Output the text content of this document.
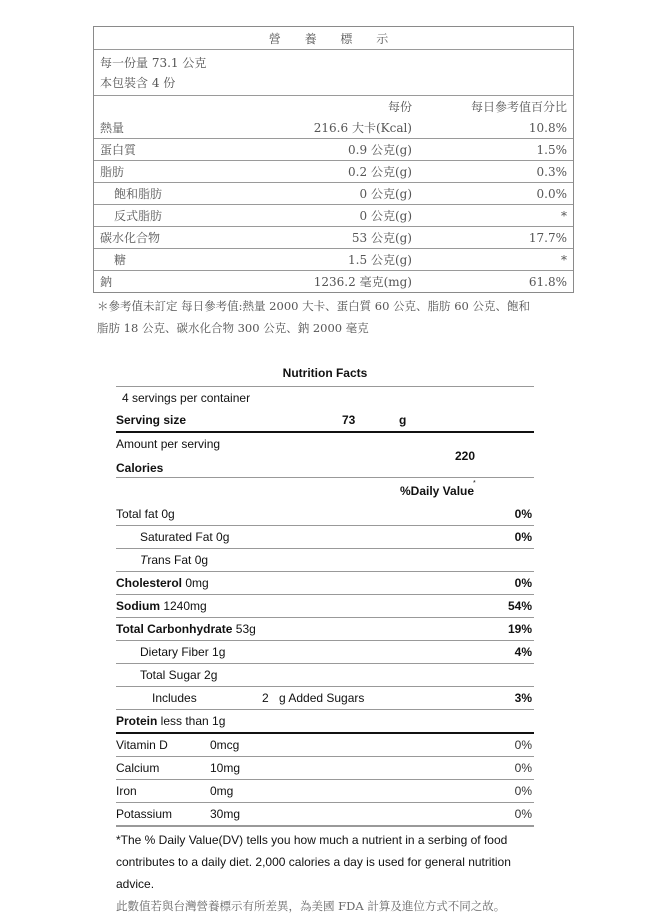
營 養 標 示
每一份量 73.1 公克
本包裝含 4 份
每份	每日參考值百分比
熱量	216.6 大卡(Kcal)	10.8%
蛋白質	0.9 公克(g)	1.5%
脂肪	0.2 公克(g)	0.3%
飽和脂肪	0 公克(g)	0.0%
反式脂肪	0 公克(g)	*
碳水化合物	53 公克(g)	17.7%
糖	1.5 公克(g)	*
鈉	1236.2 毫克(mg)	61.8%
＊參考值未訂定 每日參考值:熱量 2000 大卡、蛋白質 60 公克、脂肪 60 公克、飽和
脂肪 18 公克、碳水化合物 300 公克、鈉 2000 毫克
Nutrition Facts
4 servings per container
Serving size	73	g
Amount per serving
220
Calories
%Daily Value
*
Total fat 0g	0%
Saturated Fat 0g	0%
Trans Fat 0g
Cholesterol 0mg	0%
Sodium 1240mg	54%
Total Carbonhydrate 53g	19%
Dietary Fiber 1g	4%
Total Sugar 2g
Includes	2 g Added Sugars	3%
Protein less than 1g
Vitamin D	0mcg	0%
Calcium	10mg	0%
Iron	0mg	0%
Potassium	30mg	0%
*The % Daily Value(DV) tells you how much a nutrient in a serbing of food
contributes to a daily diet. 2,000 calories a day is used for general nutrition
advice.
此數值若與台灣營養標示有所差異，為美國 FDA 計算及進位方式不同之故。
